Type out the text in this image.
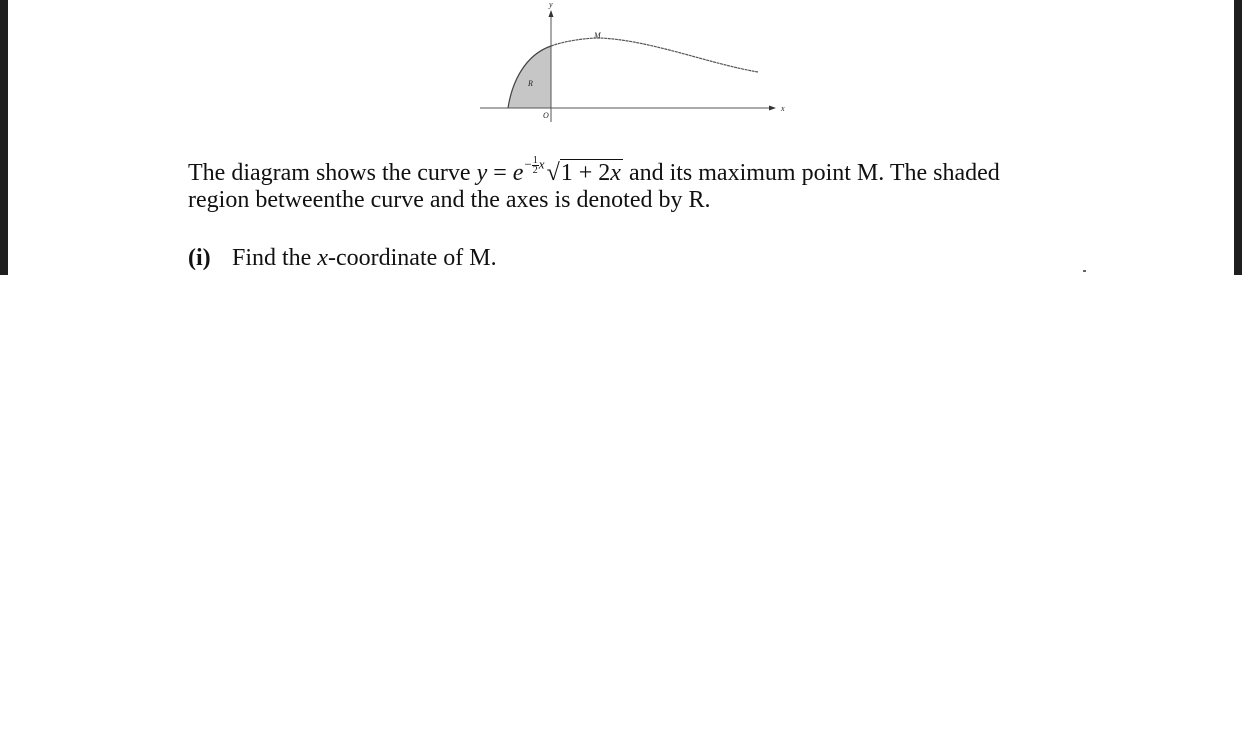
y
x
O
M
R
The diagram shows the curve $y = e- \frac{1}{2} x√1 + 2x$ and its maximum point M. The shaded
region betweenthe curve and the axes is denoted by R.
(i) Find the x-coordinate of M.
